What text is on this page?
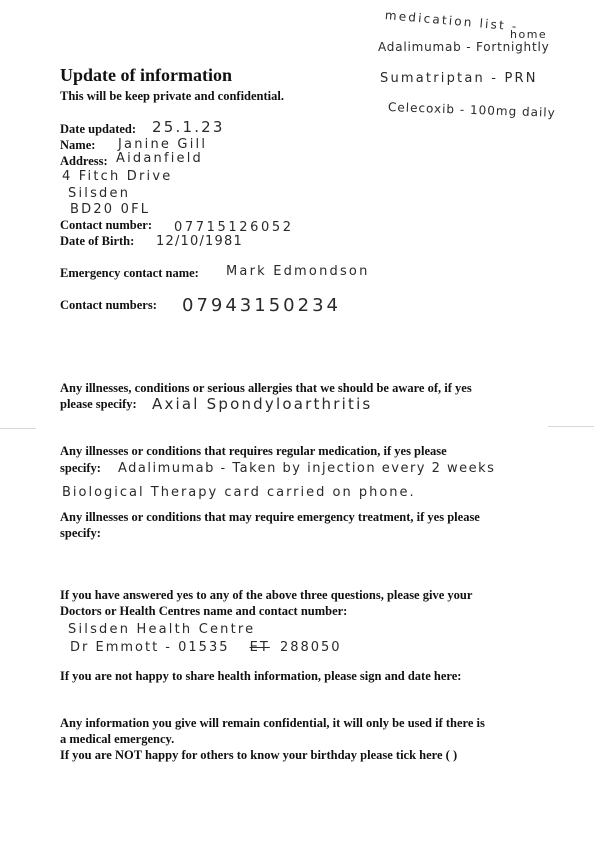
Update of information
This will be keep private and confidential.
medication list -
home
Adalimumab - Fortnightly
Sumatriptan - PRN
Celecoxib - 100mg daily
Date updated: 25.1.23
Name: Janine Gill
Address: Aidanfield
4 Fitch Drive
Silsden
BD20 0FL
Contact number: 07715126052
Date of Birth: 12/10/1981
Emergency contact name: Mark Edmondson
Contact numbers: 07943150234
Any illnesses, conditions or serious allergies that we should be aware of, if yes
please specify: Axial Spondyloarthritis
Any illnesses or conditions that requires regular medication, if yes please
specify: Adalimumab - Taken by injection every 2 weeks
Biological Therapy card carried on phone.
Any illnesses or conditions that may require emergency treatment, if yes please
specify:
If you have answered yes to any of the above three questions, please give your
Doctors or Health Centres name and contact number:
Silsden Health Centre
Dr Emmott - 01535 ET 288050
If you are not happy to share health information, please sign and date here:
Any information you give will remain confidential, it will only be used if there is
a medical emergency.
If you are NOT happy for others to know your birthday please tick here ( )
